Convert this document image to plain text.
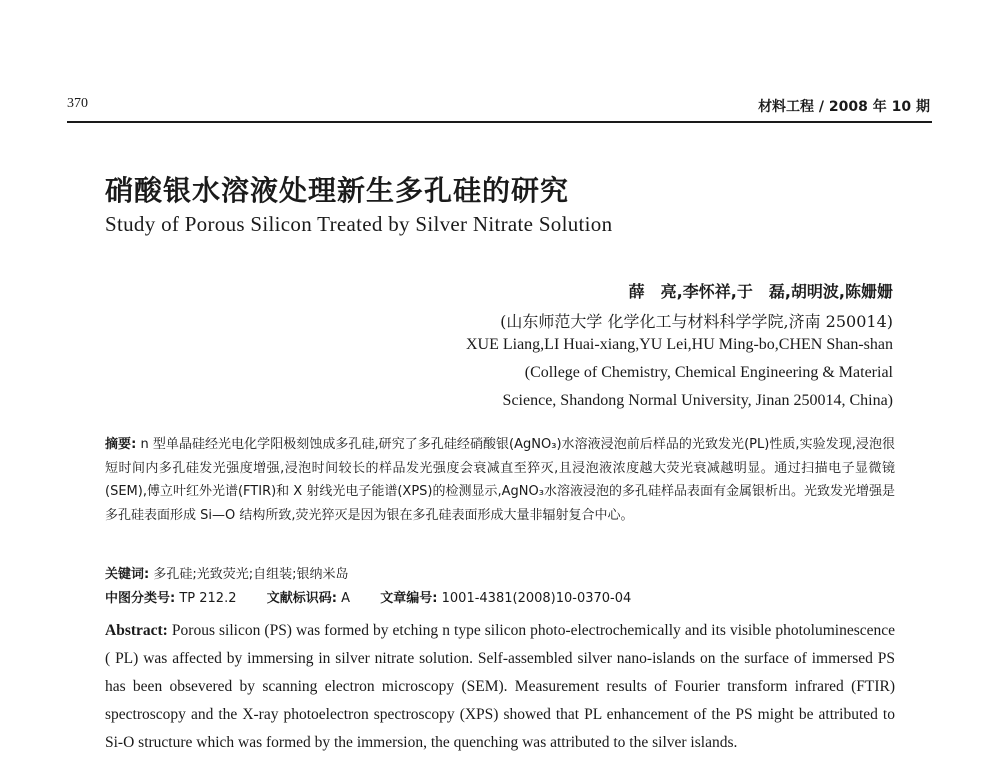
370	材料工程 / 2008 年 10 期
硝酸银水溶液处理新生多孔硅的研究
Study of Porous Silicon Treated by Silver Nitrate Solution
薛　亮,李怀祥,于　磊,胡明波,陈姗姗
(山东师范大学 化学化工与材料科学学院,济南 250014)
XUE Liang,LI Huai-xiang,YU Lei,HU Ming-bo,CHEN Shan-shan
(College of Chemistry, Chemical Engineering & Material
Science, Shandong Normal University, Jinan 250014, China)
摘要: n 型单晶硅经光电化学阳极刻蚀成多孔硅,研究了多孔硅经硝酸银(AgNO₃)水溶液浸泡前后样品的光致发光(PL)性质,实验发现,浸泡很短时间内多孔硅发光强度增强,浸泡时间较长的样品发光强度会衰减直至猝灭,且浸泡液浓度越大荧光衰减越明显。通过扫描电子显微镜(SEM),傅立叶红外光谱(FTIR)和 X 射线光电子能谱(XPS)的检测显示,AgNO₃水溶液浸泡的多孔硅样品表面有金属银析出。光致发光增强是多孔硅表面形成 Si—O 结构所致,荧光猝灭是因为银在多孔硅表面形成大量非辐射复合中心。
关键词: 多孔硅;光致荧光;自组装;银纳米岛
中图分类号: TP 212.2 文献标识码: A 文章编号: 1001-4381(2008)10-0370-04
Abstract: Porous silicon (PS) was formed by etching n type silicon photo-electrochemically and its visible photoluminescence ( PL) was affected by immersing in silver nitrate solution. Self-assembled silver nano-islands on the surface of immersed PS has been obsevered by scanning electron microscopy (SEM). Measurement results of Fourier transform infrared (FTIR) spectroscopy and the X-ray photoelectron spectroscopy (XPS) showed that PL enhancement of the PS might be attributed to Si-O structure which was formed by the immersion, the quenching was attributed to the silver islands.
